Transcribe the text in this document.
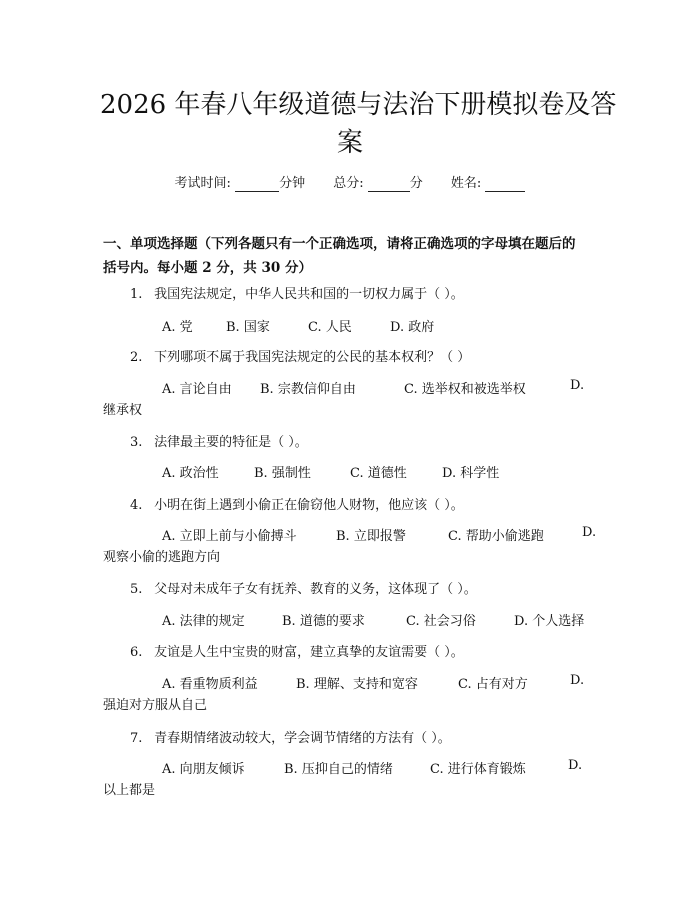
2026 年春八年级道德与法治下册模拟卷及答
案
考试时间:	分钟 总分:	分 姓名:
一、单项选择题（下列各题只有一个正确选项，请将正确选项的字母填在题后的
括号内。每小题 2 分，共 30 分）
1. 我国宪法规定，中华人民共和国的一切权力属于（ ）。
A. 党	B. 国家	C. 人民	D. 政府
2. 下列哪项不属于我国宪法规定的公民的基本权利？（ ）
A. 言论自由 B. 宗教信仰自由	C. 选举权和被选举权	D.
继承权
3. 法律最主要的特征是（ ）。
A. 政治性	B. 强制性	C. 道德性	D. 科学性
4. 小明在街上遇到小偷正在偷窃他人财物，他应该（ ）。
A. 立即上前与小偷搏斗	B. 立即报警	C. 帮助小偷逃跑	D.
观察小偷的逃跑方向
5. 父母对未成年子女有抚养、教育的义务，这体现了（ ）。
A. 法律的规定	B. 道德的要求	C. 社会习俗	D. 个人选择
6. 友谊是人生中宝贵的财富，建立真挚的友谊需要（ ）。
A. 看重物质利益	B. 理解、支持和宽容	C. 占有对方	D.
强迫对方服从自己
7. 青春期情绪波动较大，学会调节情绪的方法有（ ）。
A. 向朋友倾诉	B. 压抑自己的情绪	C. 进行体育锻炼	D.
以上都是
